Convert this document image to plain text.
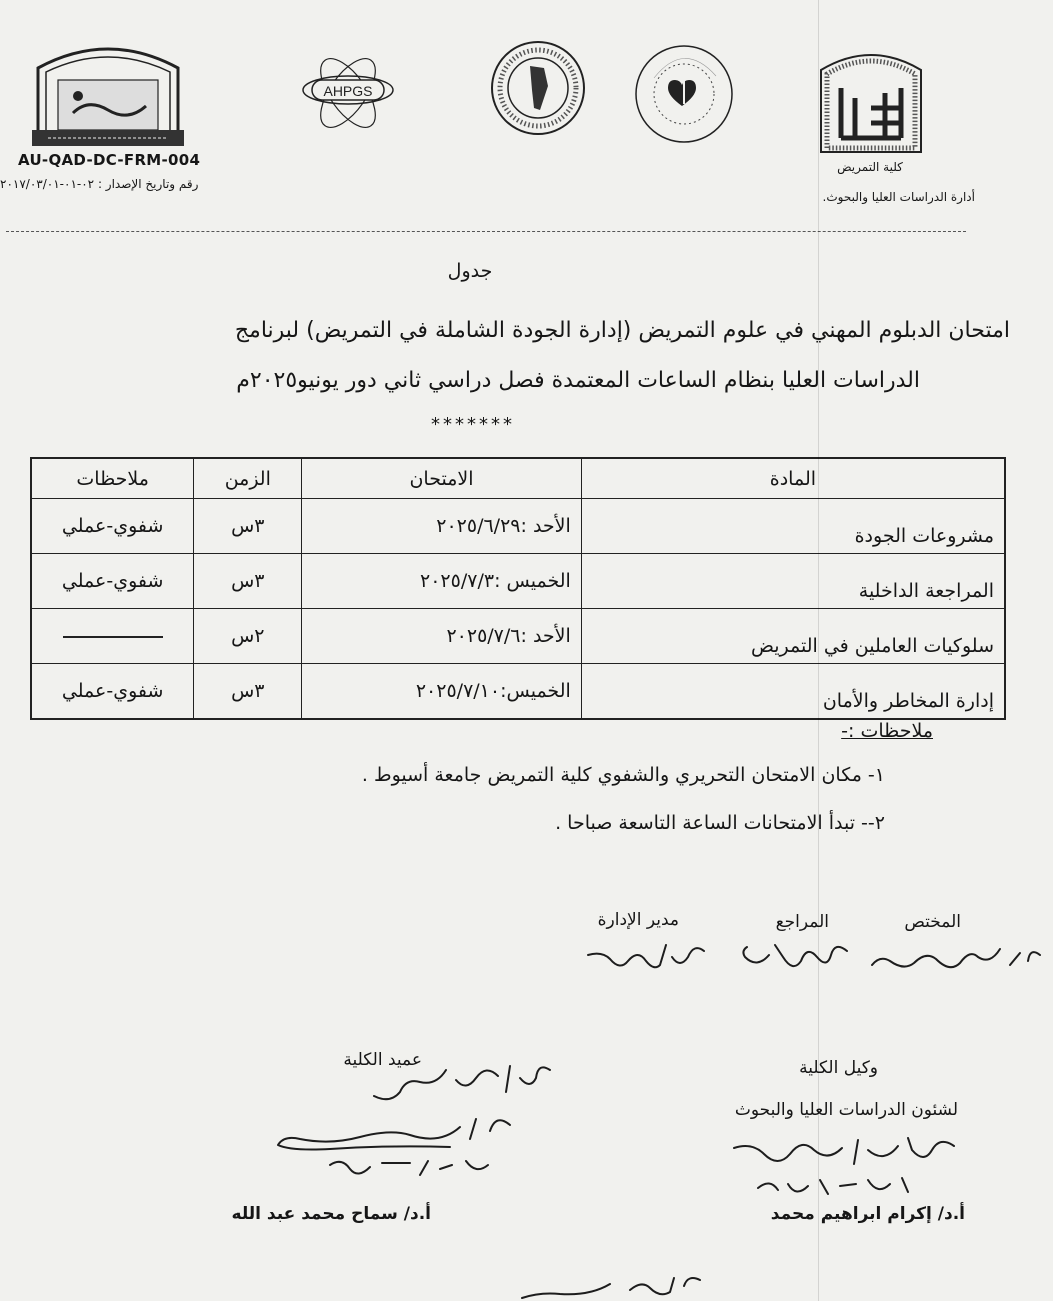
AHPGS
AU-QAD-DC-FRM-004
رقم وتاريخ الإصدار : ٠٢-٠١-٢٠١٧/٠٣/٠١
كلية التمريض
أدارة الدراسات العليا والبحوث.
جدول
امتحان الدبلوم المهني في علوم التمريض (إدارة الجودة الشاملة في التمريض) لبرنامج
الدراسات العليا بنظام الساعات المعتمدة فصل دراسي ثاني دور يونيو٢٠٢٥م
*******
المادة	الامتحان	الزمن	ملاحظات
مشروعات الجودة	الأحد :٢٠٢٥/٦/٢٩	٣س	شفوي-عملي
المراجعة الداخلية	الخميس :٢٠٢٥/٧/٣	٣س	شفوي-عملي
سلوكيات العاملين في التمريض	الأحد :٢٠٢٥/٧/٦	٢س	
إدارة المخاطر والأمان	الخميس:٢٠٢٥/٧/١٠	٣س	شفوي-عملي
ملاحظات :-
١- مكان الامتحان التحريري والشفوي كلية التمريض جامعة أسيوط .
٢-- تبدأ الامتحانات الساعة التاسعة صباحا .
المختص
المراجع
مدير الإدارة
وكيل الكلية
لشئون الدراسات العليا والبحوث
أ.د/ إكرام ابراهيم محمد
عميد الكلية
أ.د/ سماح محمد عبد الله
